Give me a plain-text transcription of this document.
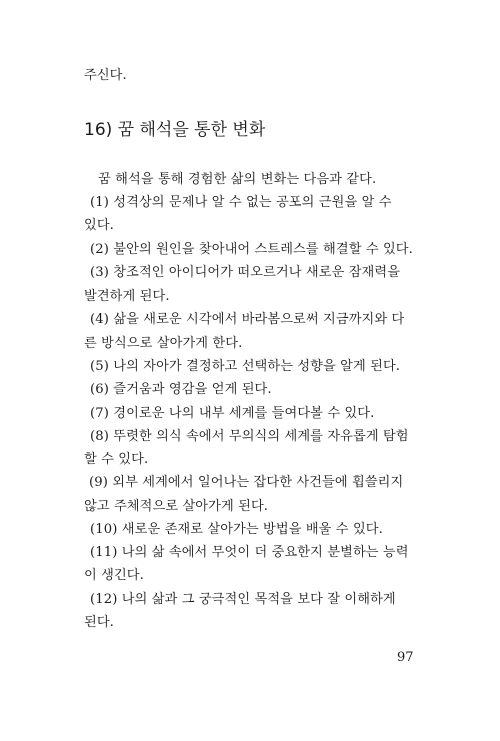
주신다.
16) 꿈 해석을 통한 변화
꿈 해석을 통해 경험한 삶의 변화는 다음과 같다.
(1) 성격상의 문제나 알 수 없는 공포의 근원을 알 수
있다.
(2) 불안의 원인을 찾아내어 스트레스를 해결할 수 있다.
(3) 창조적인 아이디어가 떠오르거나 새로운 잠재력을
발견하게 된다.
(4) 삶을 새로운 시각에서 바라봄으로써 지금까지와 다
른 방식으로 살아가게 한다.
(5) 나의 자아가 결정하고 선택하는 성향을 알게 된다.
(6) 즐거움과 영감을 얻게 된다.
(7) 경이로운 나의 내부 세계를 들여다볼 수 있다.
(8) 뚜렷한 의식 속에서 무의식의 세계를 자유롭게 탐험
할 수 있다.
(9) 외부 세계에서 일어나는 잡다한 사건들에 휩쓸리지
않고 주체적으로 살아가게 된다.
(10) 새로운 존재로 살아가는 방법을 배울 수 있다.
(11) 나의 삶 속에서 무엇이 더 중요한지 분별하는 능력
이 생긴다.
(12) 나의 삶과 그 궁극적인 목적을 보다 잘 이해하게
된다.
97
